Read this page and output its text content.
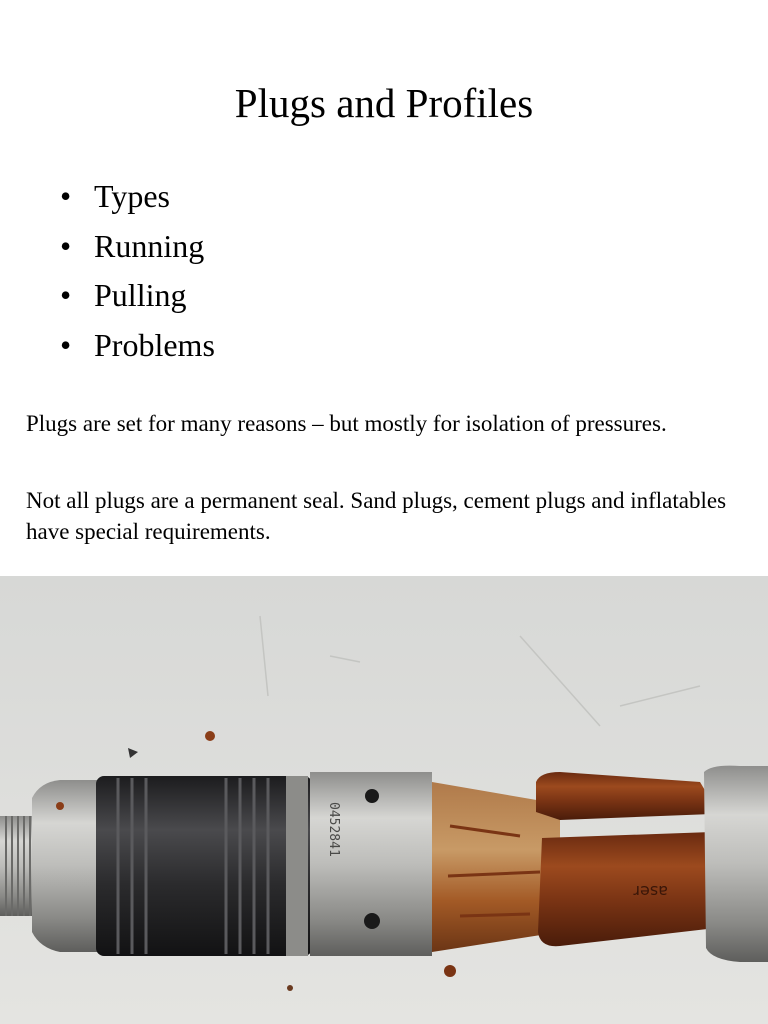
Plugs and Profiles
• Types
• Running
• Pulling
• Problems

Plugs are set for many reasons – but mostly for isolation of pressures.

Not all plugs are a permanent seal. Sand plugs, cement plugs and inflatables have special requirements.

0452841
aser
